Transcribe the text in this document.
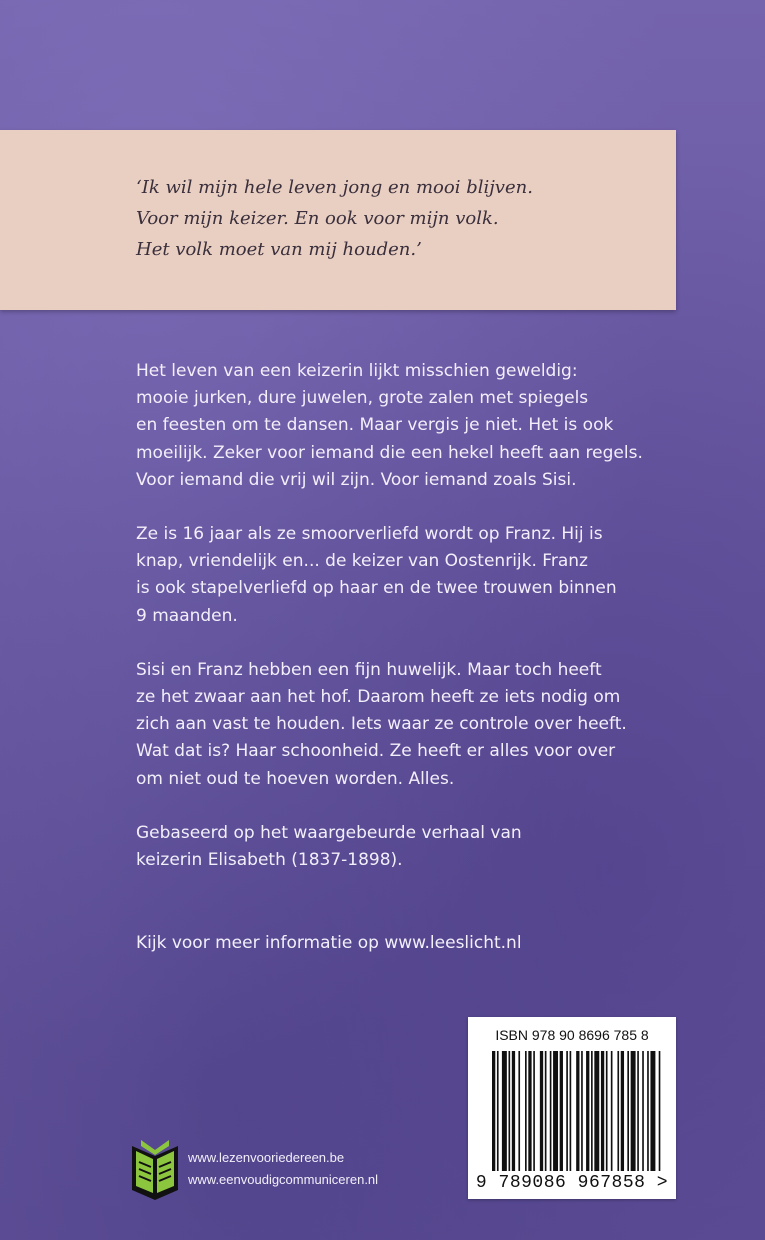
‘Ik wil mijn hele leven jong en mooi blijven.
Voor mijn keizer. En ook voor mijn volk.
Het volk moet van mij houden.’
Het leven van een keizerin lijkt misschien geweldig:
mooie jurken, dure juwelen, grote zalen met spiegels
en feesten om te dansen. Maar vergis je niet. Het is ook
moeilijk. Zeker voor iemand die een hekel heeft aan regels.
Voor iemand die vrij wil zijn. Voor iemand zoals Sisi.
Ze is 16 jaar als ze smoorverliefd wordt op Franz. Hij is
knap, vriendelijk en... de keizer van Oostenrijk. Franz
is ook stapelverliefd op haar en de twee trouwen binnen
9 maanden.
Sisi en Franz hebben een fijn huwelijk. Maar toch heeft
ze het zwaar aan het hof. Daarom heeft ze iets nodig om
zich aan vast te houden. Iets waar ze controle over heeft.
Wat dat is? Haar schoonheid. Ze heeft er alles voor over
om niet oud te hoeven worden. Alles.
Gebaseerd op het waargebeurde verhaal van
keizerin Elisabeth (1837-1898).
Kijk voor meer informatie op www.leeslicht.nl
ISBN 978 90 8696 785 8
9 789086 967858 >
www.lezenvooriedereen.be
www.eenvoudigcommuniceren.nl
